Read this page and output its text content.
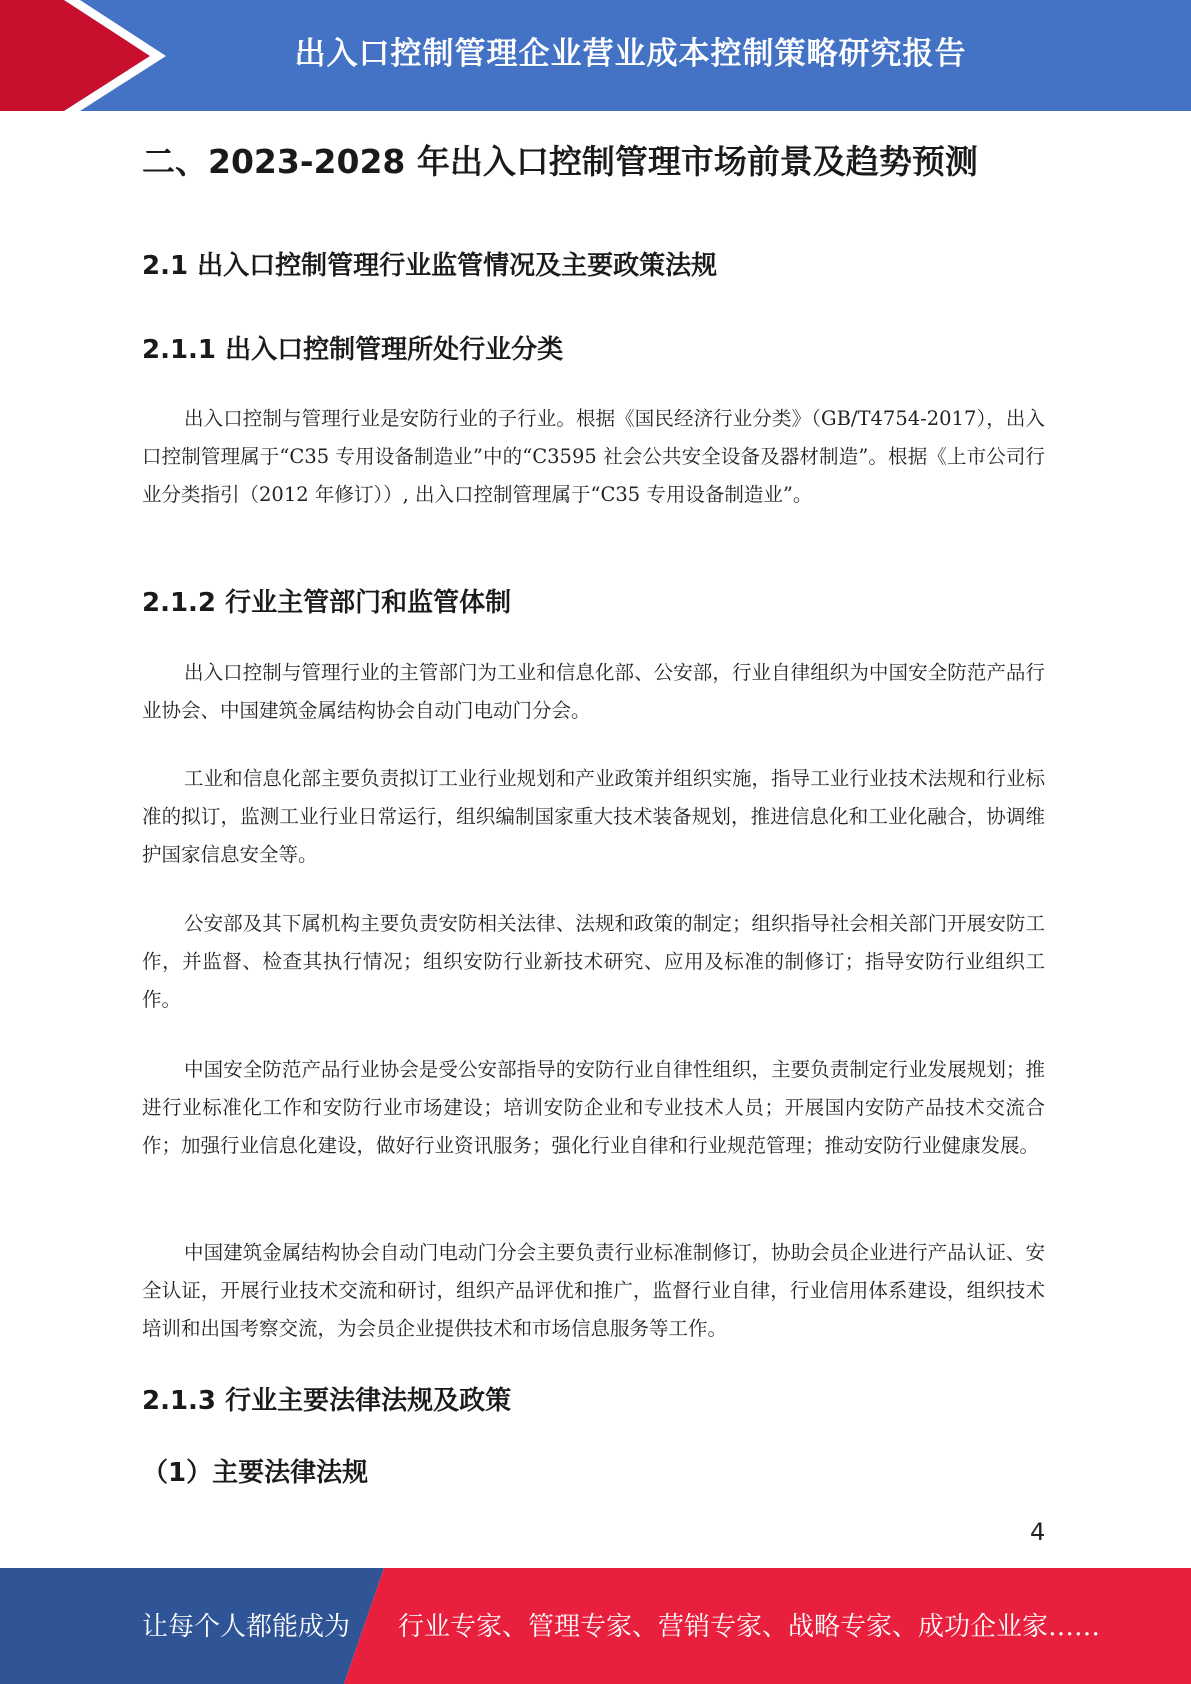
出入口控制管理企业营业成本控制策略研究报告
二、2023-2028 年出入口控制管理市场前景及趋势预测
2.1 出入口控制管理行业监管情况及主要政策法规
2.1.1 出入口控制管理所处行业分类

出入口控制与管理行业是安防行业的子行业。根据《国民经济行业分类》（GB/T4754-2017），出入口控制管理属于“C35 专用设备制造业”中的“C3595 社会公共安全设备及器材制造”。根据《上市公司行业分类指引（2012 年修订））, 出入口控制管理属于“C35 专用设备制造业”。

2.1.2 行业主管部门和监管体制

出入口控制与管理行业的主管部门为工业和信息化部、公安部，行业自律组织为中国安全防范产品行业协会、中国建筑金属结构协会自动门电动门分会。

工业和信息化部主要负责拟订工业行业规划和产业政策并组织实施，指导工业行业技术法规和行业标准的拟订，监测工业行业日常运行，组织编制国家重大技术装备规划，推进信息化和工业化融合，协调维护国家信息安全等。

公安部及其下属机构主要负责安防相关法律、法规和政策的制定；组织指导社会相关部门开展安防工作，并监督、检查其执行情况；组织安防行业新技术研究、应用及标准的制修订；指导安防行业组织工作。

中国安全防范产品行业协会是受公安部指导的安防行业自律性组织，主要负责制定行业发展规划；推进行业标准化工作和安防行业市场建设；培训安防企业和专业技术人员；开展国内安防产品技术交流合作；加强行业信息化建设，做好行业资讯服务；强化行业自律和行业规范管理；推动安防行业健康发展。

中国建筑金属结构协会自动门电动门分会主要负责行业标准制修订，协助会员企业进行产品认证、安全认证，开展行业技术交流和研讨，组织产品评优和推广，监督行业自律，行业信用体系建设，组织技术培训和出国考察交流，为会员企业提供技术和市场信息服务等工作。

2.1.3 行业主要法律法规及政策
（1）主要法律法规
4
让每个人都能成为 行业专家、管理专家、营销专家、战略专家、成功企业家……
